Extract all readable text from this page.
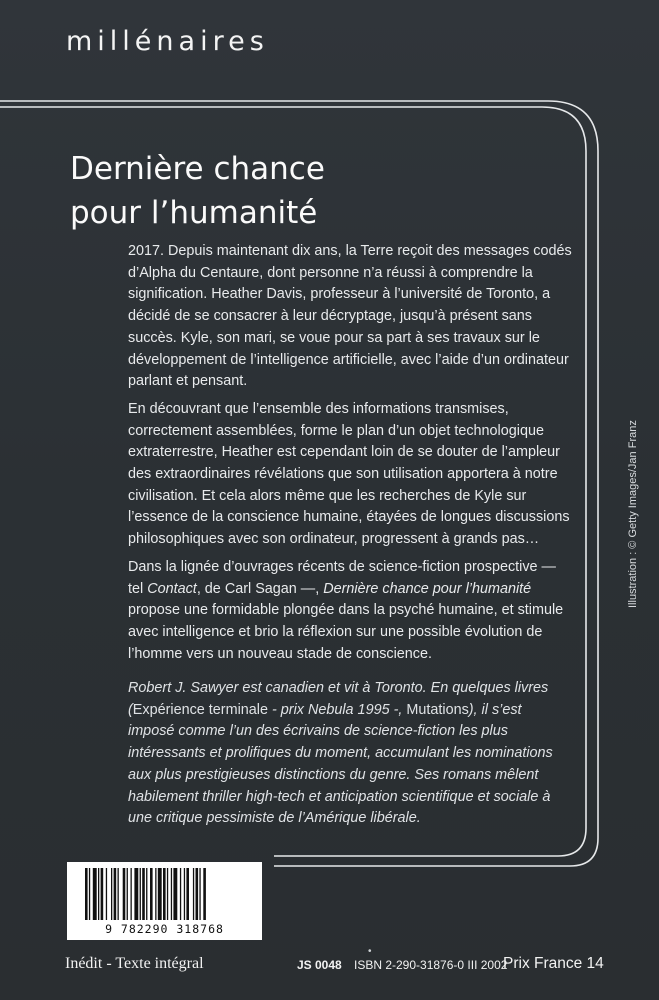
millénaires
Dernière chance
pour l’humanité

2017. Depuis maintenant dix ans, la Terre reçoit des messages codés d’Alpha du Centaure, dont personne n’a réussi à comprendre la signification. Heather Davis, professeur à l’université de Toronto, a décidé de se consacrer à leur décryptage, jusqu’à présent sans succès. Kyle, son mari, se voue pour sa part à ses travaux sur le développement de l’intelligence artificielle, avec l’aide d’un ordinateur parlant et pensant.

En découvrant que l’ensemble des informations transmises, correctement assemblées, forme le plan d’un objet technologique extraterrestre, Heather est cependant loin de se douter de l’ampleur des extraordinaires révélations que son utilisation apportera à notre civilisation. Et cela alors même que les recherches de Kyle sur l’essence de la conscience humaine, étayées de longues discussions philosophiques avec son ordinateur, progressent à grands pas…

Dans la lignée d’ouvrages récents de science-fiction prospective — tel Contact, de Carl Sagan —, Dernière chance pour l’humanité propose une formidable plongée dans la psyché humaine, et stimule avec intelligence et brio la réflexion sur une possible évolution de l’homme vers un nouveau stade de conscience.

Robert J. Sawyer est canadien et vit à Toronto. En quelques livres (Expérience terminale - prix Nebula 1995 -, Mutations), il s’est imposé comme l’un des écrivains de science-fiction les plus intéressants et prolifiques du moment, accumulant les nominations aux plus prestigieuses distinctions du genre. Ses romans mêlent habilement thriller high-tech et anticipation scientifique et sociale à une critique pessimiste de l’Amérique libérale.

Illustration : © Getty Images/Jan Franz
9 782290 318768
•
Inédit - Texte intégral	JS 0048 ISBN 2-290-31876-0 III 2002
Prix France 14
